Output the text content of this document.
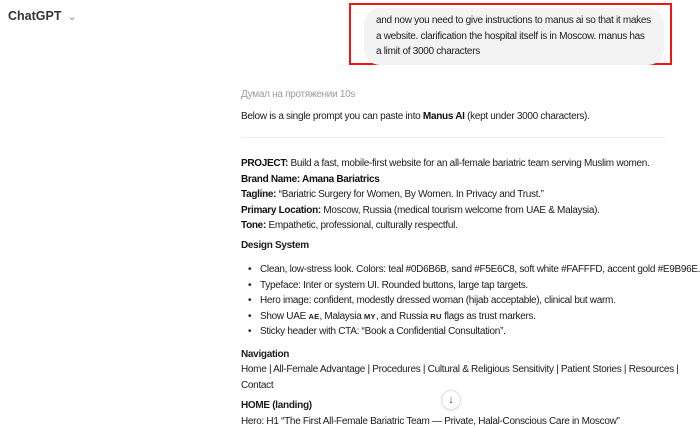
ChatGPT ⌄	and now you need to give instructions to manus ai so that it makes a website. clarification the hospital itself is in Moscow. manus has a limit of 3000 characters
Думал на протяжении 10s
Below is a single prompt you can paste into Manus AI (kept under 3000 characters).
PROJECT: Build a fast, mobile-first website for an all-female bariatric team serving Muslim women.
Brand Name: Amana Bariatrics
Tagline: “Bariatric Surgery for Women, By Women. In Privacy and Trust.”
Primary Location: Moscow, Russia (medical tourism welcome from UAE & Malaysia).
Tone: Empathetic, professional, culturally respectful.
Design System
• Clean, low-stress look. Colors: teal #0D6B6B, sand #F5E6C8, soft white #FAFFFD, accent gold #E9B96E.
• Typeface: Inter or system UI. Rounded buttons, large tap targets.
• Hero image: confident, modestly dressed woman (hijab acceptable), clinical but warm.
• Show UAE AE, Malaysia MY, and Russia RU flags as trust markers.
• Sticky header with CTA: “Book a Confidential Consultation”.
Navigation
Home | All-Female Advantage | Procedures | Cultural & Religious Sensitivity | Patient Stories | Resources |
Contact
HOME (landing)
Hero: H1 “The First All-Female Bariatric Team — Private, Halal-Conscious Care in Moscow”
↓
